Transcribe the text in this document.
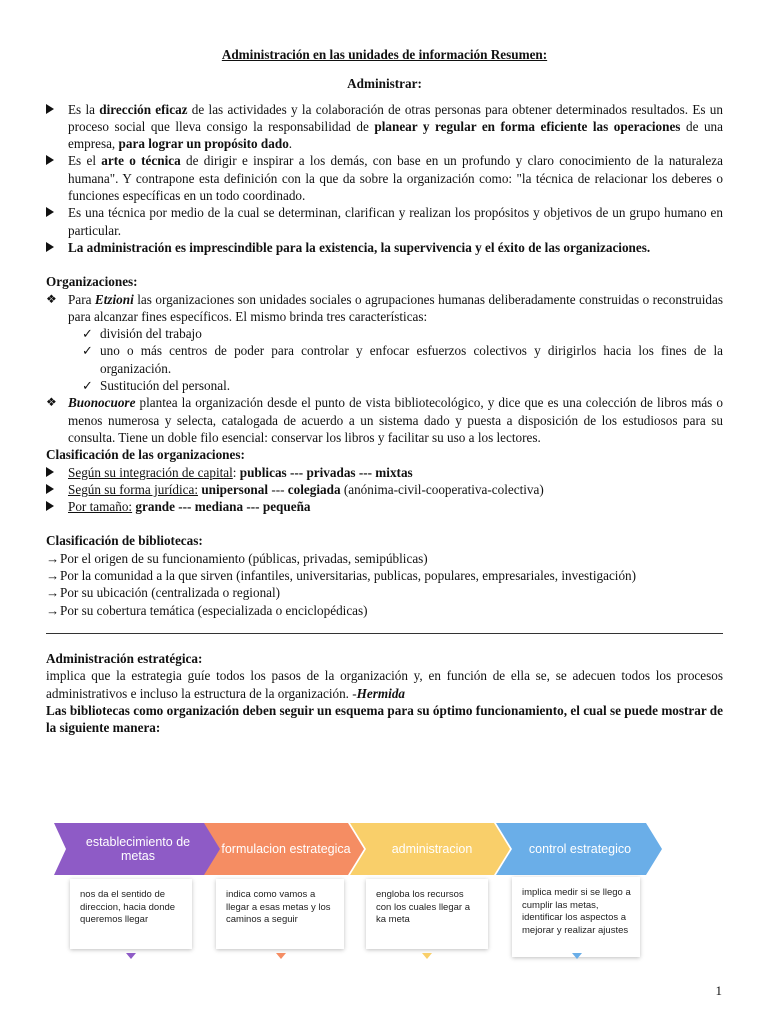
Administración en las unidades de información Resumen:
Administrar:
Es la dirección eficaz de las actividades y la colaboración de otras personas para obtener determinados resultados. Es un proceso social que lleva consigo la responsabilidad de planear y regular en forma eficiente las operaciones de una empresa, para lograr un propósito dado.
Es el arte o técnica de dirigir e inspirar a los demás, con base en un profundo y claro conocimiento de la naturaleza humana". Y contrapone esta definición con la que da sobre la organización como: "la técnica de relacionar los deberes o funciones específicas en un todo coordinado.
Es una técnica por medio de la cual se determinan, clarifican y realizan los propósitos y objetivos de un grupo humano en particular.
La administración es imprescindible para la existencia, la supervivencia y el éxito de las organizaciones.
Organizaciones:
❖ Para Etzioni las organizaciones son unidades sociales o agrupaciones humanas deliberadamente construidas o reconstruidas para alcanzar fines específicos. El mismo brinda tres características:
✓ división del trabajo
✓ uno o más centros de poder para controlar y enfocar esfuerzos colectivos y dirigirlos hacia los fines de la organización.
✓ Sustitución del personal.
❖ Buonocuore plantea la organización desde el punto de vista bibliotecológico, y dice que es una colección de libros más o menos numerosa y selecta, catalogada de acuerdo a un sistema dado y puesta a disposición de los estudiosos para su consulta. Tiene un doble filo esencial: conservar los libros y facilitar su uso a los lectores.
Clasificación de las organizaciones:
Según su integración de capital: publicas --- privadas --- mixtas
Según su forma jurídica: unipersonal --- colegiada (anónima-civil-cooperativa-colectiva)
Por tamaño: grande --- mediana --- pequeña
Clasificación de bibliotecas:
→ Por el origen de su funcionamiento (públicas, privadas, semipúblicas)
→ Por la comunidad a la que sirven (infantiles, universitarias, publicas, populares, empresariales, investigación)
→ Por su ubicación (centralizada o regional)
→ Por su cobertura temática (especializada o enciclopédicas)
Administración estratégica:
implica que la estrategia guíe todos los pasos de la organización y, en función de ella se, se adecuen todos los procesos administrativos e incluso la estructura de la organización. -Hermida
Las bibliotecas como organización deben seguir un esquema para su óptimo funcionamiento, el cual se puede mostrar de la siguiente manera:
establecimiento de metas	formulacion estrategica	administracion	control estrategico
nos da el sentido de direccion, hacia donde queremos llegar
indica como vamos a llegar a esas metas y los caminos a seguir
engloba los recursos con los cuales llegar a ka meta
implica medir si se llego a cumplir las metas, identificar los aspectos a mejorar y realizar ajustes
1
